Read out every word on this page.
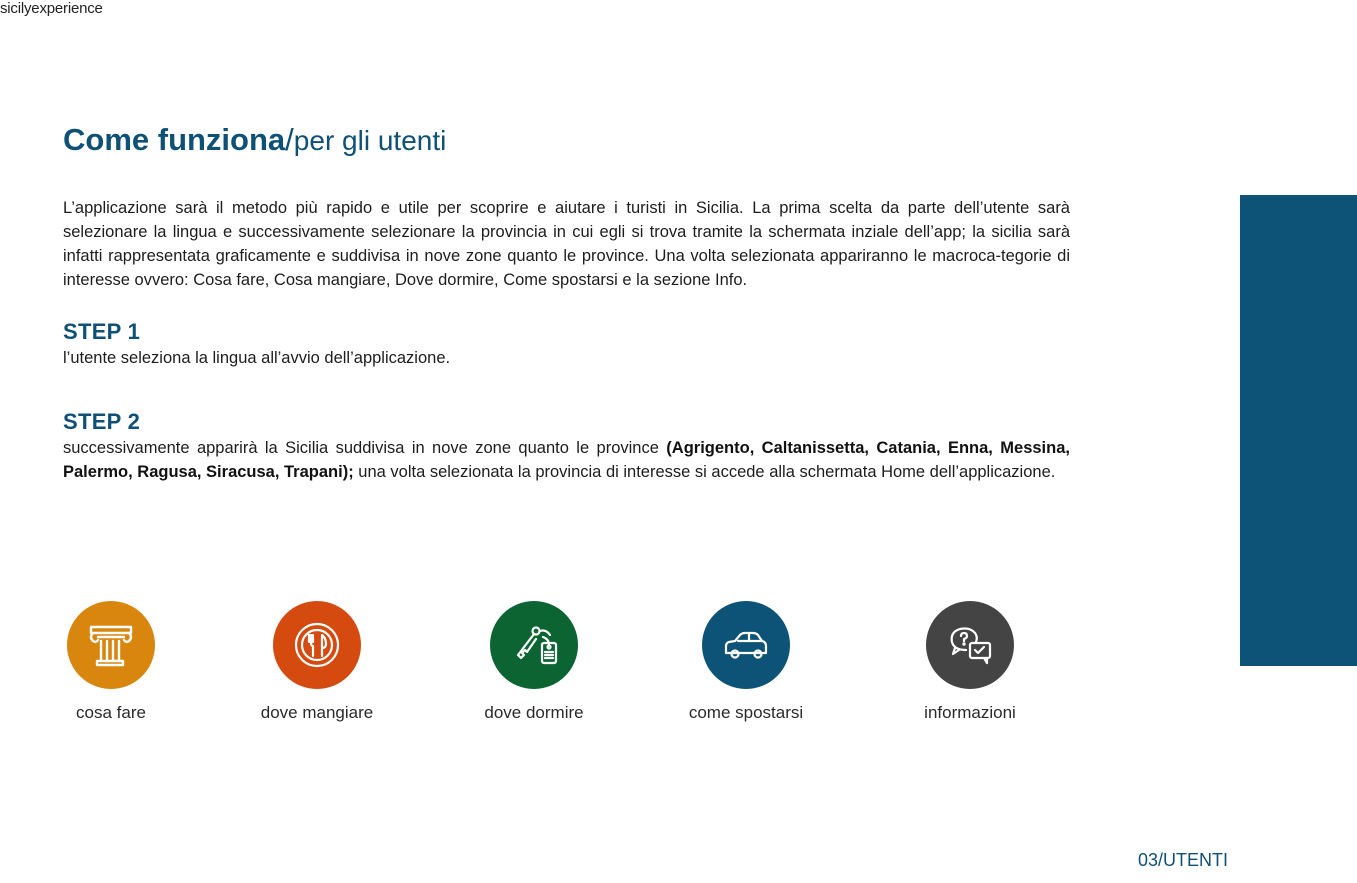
sicilyexperience
Come funziona/per gli utenti

L’applicazione sarà il metodo più rapido e utile per scoprire e aiutare i turisti in Sicilia. La prima scelta da parte dell’utente sarà selezionare la lingua e successivamente selezionare la provincia in cui egli si trova tramite la schermata inziale dell’app; la sicilia sarà infatti rappresentata graficamente e suddivisa in nove zone quanto le province. Una volta selezionata appariranno le macroca-tegorie di interesse ovvero: Cosa fare, Cosa mangiare, Dove dormire, Come spostarsi e la sezione Info.

STEP 1

l’utente seleziona la lingua all’avvio dell’applicazione.

STEP 2

successivamente apparirà la Sicilia suddivisa in nove zone quanto le province (Agrigento, Caltanissetta, Catania, Enna, Messina, Palermo, Ragusa, Siracusa, Trapani); una volta selezionata la provincia di interesse si accede alla schermata Home dell’applicazione.

cosa fare	dove mangiare	dove dormire	come spostarsi	informazioni
03/UTENTI
